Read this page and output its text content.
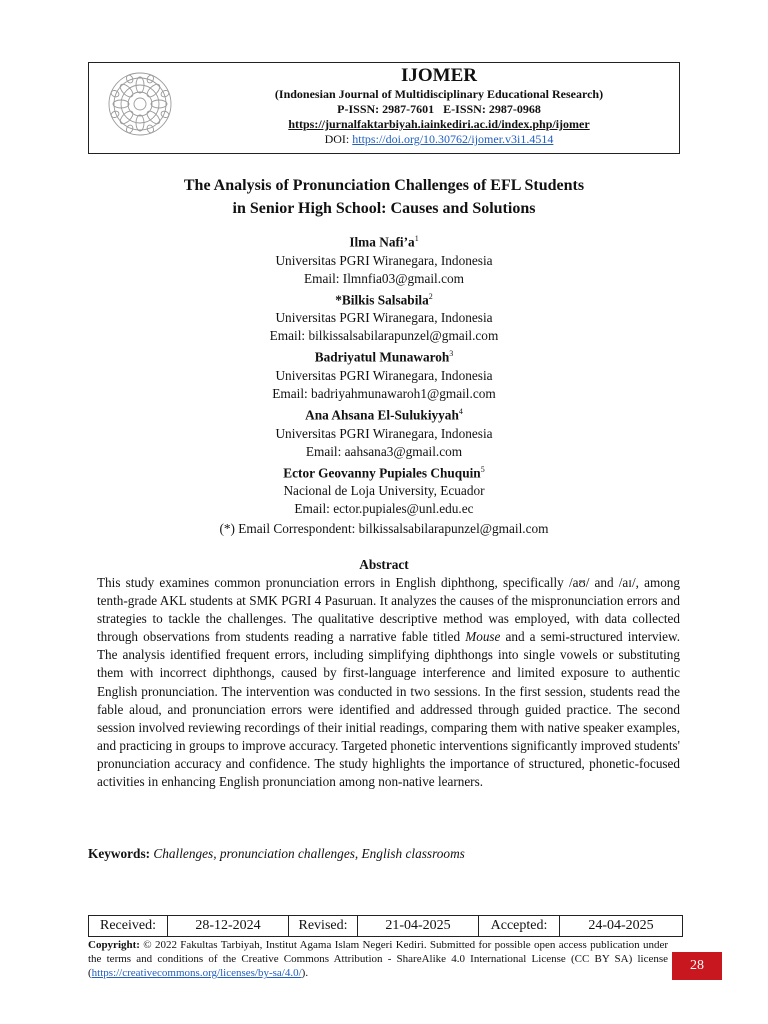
IJOMER
(Indonesian Journal of Multidisciplinary Educational Research)
P-ISSN: 2987-7601   E-ISSN: 2987-0968
https://jurnalfaktarbiyah.iainkediri.ac.id/index.php/ijomer
DOI: https://doi.org/10.30762/ijomer.v3i1.4514
The Analysis of Pronunciation Challenges of EFL Students
in Senior High School: Causes and Solutions
Ilma $Nafi’a^1$
Universitas PGRI Wiranegara, Indonesia
Email: Ilmnfia03@gmail.com
*Bilkis Salsabila$^2$
Universitas PGRI Wiranegara, Indonesia
Email: bilkissalsabilarapunzel@gmail.com
Badriyatul Munawaroh$^3$
Universitas PGRI Wiranegara, Indonesia
Email: badriyahmunawaroh1@gmail.com
Ana Ahsana El-Sulukiyyah$^4$
Universitas PGRI Wiranegara, Indonesia
Email: aahsana3@gmail.com
Ector Geovanny Pupiales Chuquin$^5$
Nacional de Loja University, Ecuador
Email: ector.pupiales@unl.edu.ec
(*) Email Correspondent: bilkissalsabilarapunzel@gmail.com
Abstract
This study examines common pronunciation errors in English diphthong, specifically /aʊ/ and /aɪ/, among tenth-grade AKL students at SMK PGRI 4 Pasuruan. It analyzes the causes of the mispronunciation errors and strategies to tackle the challenges. The qualitative descriptive method was employed, with data collected through observations from students reading a narrative fable titled Mouse and a semi-structured interview. The analysis identified frequent errors, including simplifying diphthongs into single vowels or substituting them with incorrect diphthongs, caused by first-language interference and limited exposure to authentic English pronunciation. The intervention was conducted in two sessions. In the first session, students read the fable aloud, and pronunciation errors were identified and addressed through guided practice. The second session involved reviewing recordings of their initial readings, comparing them with native speaker examples, and practicing in groups to improve accuracy. Targeted phonetic interventions significantly improved students' pronunciation accuracy and confidence. The study highlights the importance of structured, phonetic-focused activities in enhancing English pronunciation among non-native learners.
Keywords: Challenges, pronunciation challenges, English classrooms
Received:	28-12-2024	Revised:	21-04-2025	Accepted:	24-04-2025
Copyright: © 2022 Fakultas Tarbiyah, Institut Agama Islam Negeri Kediri. Submitted for possible open access publication under the terms and conditions of the Creative Commons Attribution - ShareAlike 4.0 International License (CC BY SA) license (https://creativecommons.org/licenses/by-sa/4.0/).
28
